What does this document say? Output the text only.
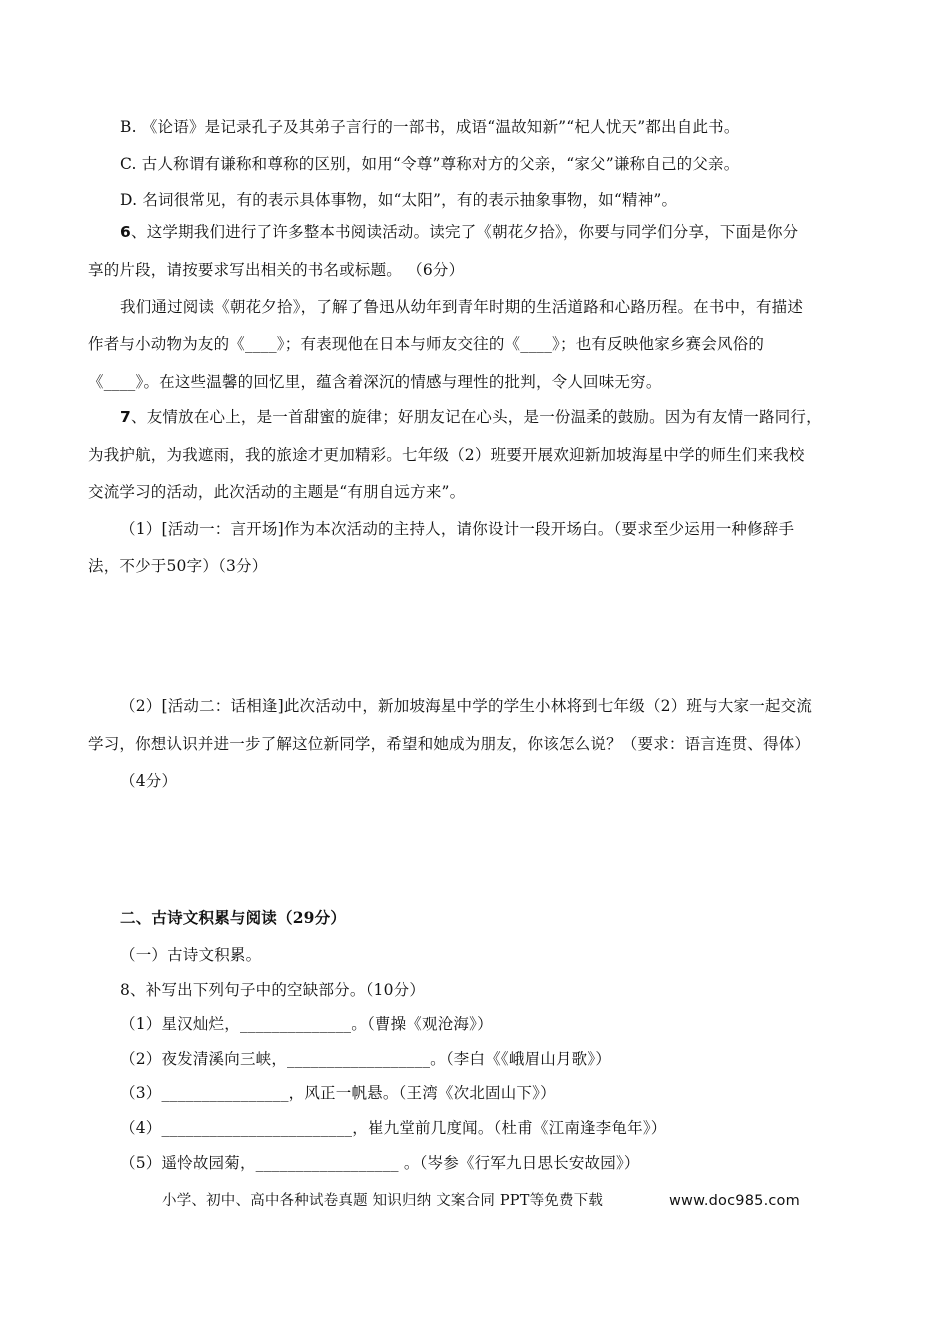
B. 《论语》是记录孔子及其弟子言行的一部书，成语“温故知新”“杞人忧天”都出自此书。
C. 古人称谓有谦称和尊称的区别，如用“令尊”尊称对方的父亲，“家父”谦称自己的父亲。
D. 名词很常见，有的表示具体事物，如“太阳”，有的表示抽象事物，如“精神”。
6、这学期我们进行了许多整本书阅读活动。读完了《朝花夕拾》，你要与同学们分享，下面是你分
享的片段，请按要求写出相关的书名或标题。 （6分）
我们通过阅读《朝花夕拾》，了解了鲁迅从幼年到青年时期的生活道路和心路历程。在书中，有描述
作者与小动物为友的《____》；有表现他在日本与师友交往的《____》；也有反映他家乡赛会风俗的
《____》。在这些温馨的回忆里，蕴含着深沉的情感与理性的批判，令人回味无穷。
7、友情放在心上，是一首甜蜜的旋律；好朋友记在心头，是一份温柔的鼓励。因为有友情一路同行，
为我护航，为我遮雨，我的旅途才更加精彩。七年级（2）班要开展欢迎新加坡海星中学的师生们来我校
交流学习的活动，此次活动的主题是“有朋自远方来”。
（1）[活动一：言开场]作为本次活动的主持人，请你设计一段开场白。（要求至少运用一种修辞手
法，不少于50字）（3分）
（2）[活动二：话相逢]此次活动中，新加坡海星中学的学生小林将到七年级（2）班与大家一起交流
学习，你想认识并进一步了解这位新同学，希望和她成为朋友，你该怎么说？（要求：语言连贯、得体）
（4分）
二、古诗文积累与阅读（29分）
（一）古诗文积累。
8、补写出下列句子中的空缺部分。（10分）
（1）星汉灿烂，______________。（曹操《观沧海》）
（2）夜发清溪向三峡，__________________。（李白《《峨眉山月歌》）
（3）________________，风正一帆悬。（王湾《次北固山下》）
（4）________________________，崔九堂前几度闻。（杜甫《江南逢李龟年》）
（5）遥怜故园菊，__________________ 。（岑参《行军九日思长安故园》）
小学、初中、高中各种试卷真题 知识归纳 文案合同 PPT等免费下载	www.doc985.com
